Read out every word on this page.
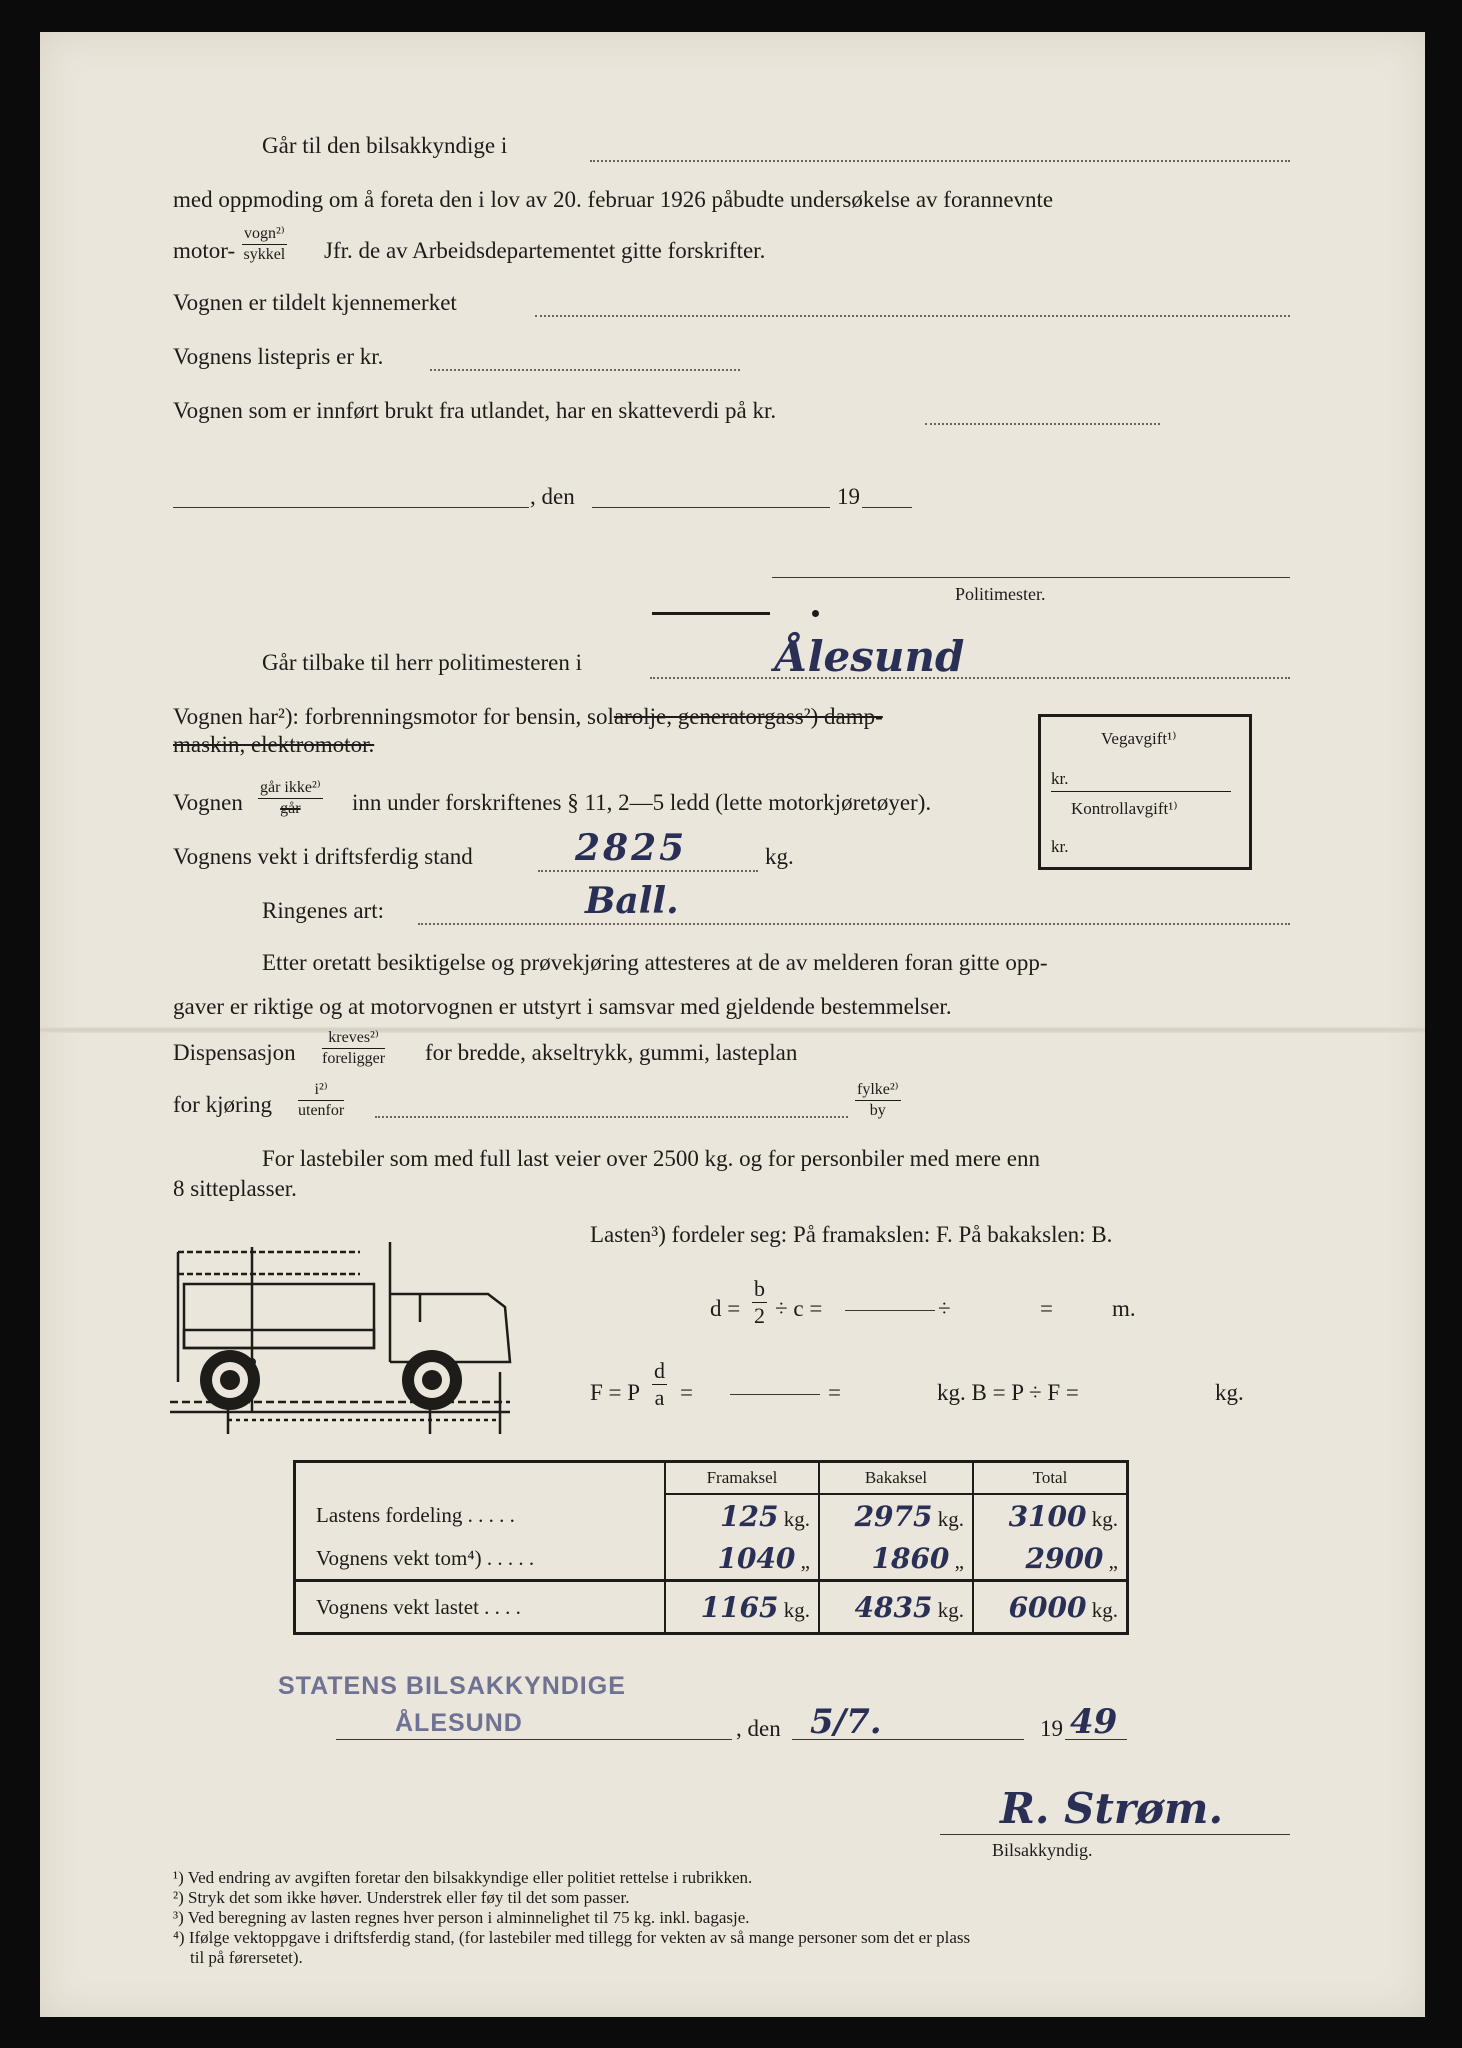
Går til den bilsakkyndige i
med oppmoding om å foreta den i lov av 20. februar 1926 påbudte undersøkelse av forannevnte
motor-
vogn²⁾
sykkel Jfr. de av Arbeidsdepartementet gitte forskrifter.
Vognen er tildelt kjennemerket
Vognens listepris er kr.
Vognen som er innført brukt fra utlandet, har en skatteverdi på kr.
, den	19
Politimester.
Går tilbake til herr politimesteren i	Ålesund
Vognen har²): forbrenningsmotor for bensin, solarolje, generatorgass²) damp-
maskin, elektromotor.	Vegavgift¹⁾
kr.
Kontrollavgift¹⁾
kr.
Vognen
går ikke²⁾
går	inn under forskriftenes § 11, 2—5 ledd (lette motorkjøretøyer).
Vognens vekt i driftsferdig stand	2825	kg.
Ringenes art:	Ball.
Etter oretatt besiktigelse og prøvekjøring attesteres at de av melderen foran gitte opp-
gaver er riktige og at motorvognen er utstyrt i samsvar med gjeldende bestemmelser.
Dispensasjon
kreves²⁾
foreligger for bredde, akseltrykk, gummi, lasteplan
for kjøring
i²⁾
utenfor
fylke²⁾
by
For lastebiler som med full last veier over 2500 kg. og for personbiler med mere enn
8 sitteplasser.
Lasten³) fordeler seg: På framakslen: F. På bakakslen: B.
$d = \frac{b}{2} \div c$ =	÷	=	m.
F = P $\frac{d}{a}$ =	=	kg. B = P ÷ F =	kg.
	Framaksel	Bakaksel	Total
Lastens fordeling . . . . .	125 kg.	2975 kg.	3100 kg.
Vognens vekt tom⁴) . . . . .	1040 „	1860 „	2900 „
Vognens vekt lastet . . . .	1165 kg.	4835 kg.	6000 kg.
STATENS BILSAKKYNDIGE
ÅLESUND	, den 5/7.	19 49
R. Strøm.
Bilsakkyndig.
¹) Ved endring av avgiften foretar den bilsakkyndige eller politiet rettelse i rubrikken.
²) Stryk det som ikke høver. Understrek eller føy til det som passer.
³) Ved beregning av lasten regnes hver person i alminnelighet til 75 kg. inkl. bagasje.
⁴) Ifølge vektoppgave i driftsferdig stand, (for lastebiler med tillegg for vekten av så mange personer som det er plass
til på førersetet).
